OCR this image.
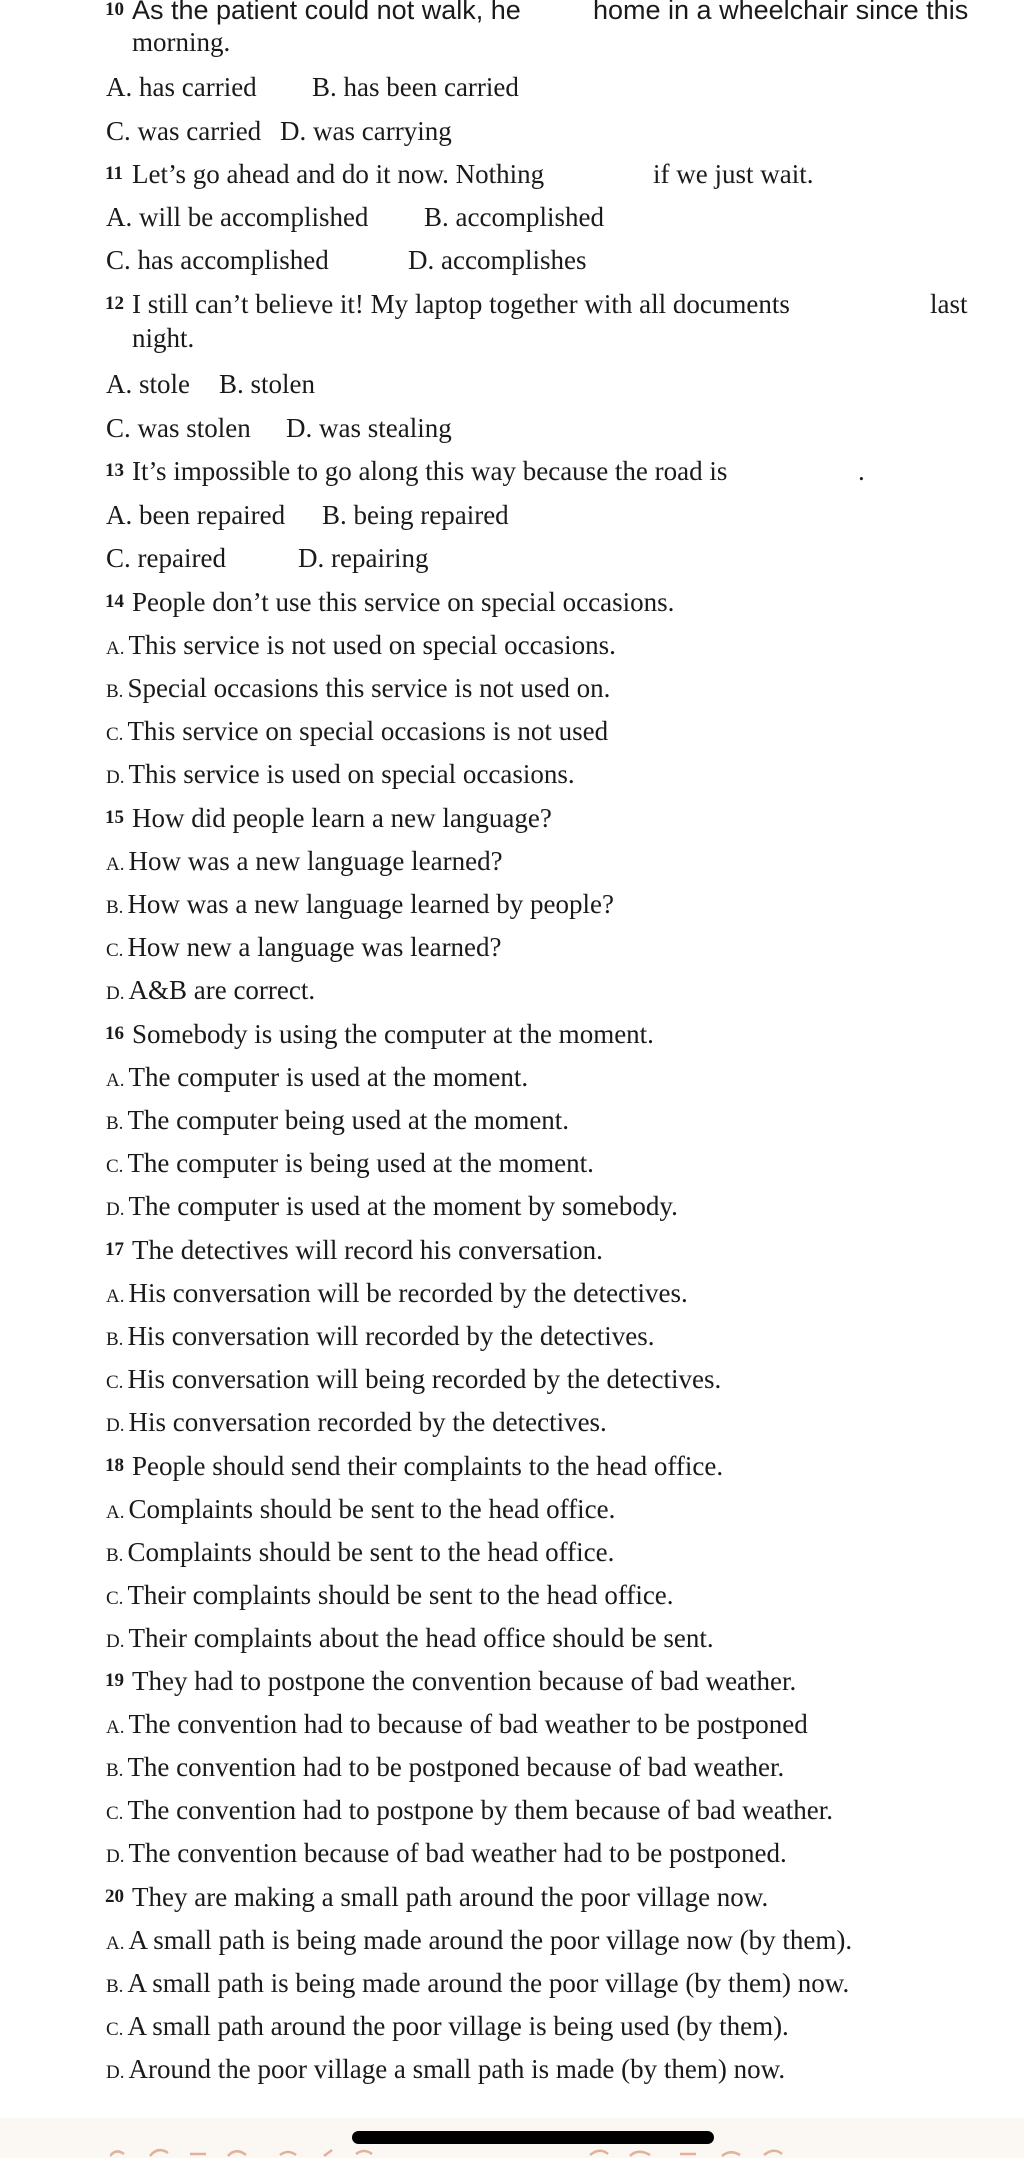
10 As the patient could not walk, he	home in a wheelchair since this
morning.
A. has carried B. has been carried
C. was carried D. was carrying
11 Let’s go ahead and do it now. Nothing	if we just wait.
A. will be accomplished B. accomplished
C. has accomplished	D. accomplishes
12 I still can’t believe it! My laptop together with all documents	last
night.
A. stole B. stolen
C. was stolen D. was stealing
13 It’s impossible to go along this way because the road is	.
A. been repaired B. being repaired
C. repaired	D. repairing
14 People don’t use this service on special occasions.
A. This service is not used on special occasions.
B. Special occasions this service is not used on.
C. This service on special occasions is not used
D. This service is used on special occasions.
15 How did people learn a new language?
A. How was a new language learned?
B. How was a new language learned by people?
C. How new a language was learned?
D. A&B are correct.
16 Somebody is using the computer at the moment.
A. The computer is used at the moment.
B. The computer being used at the moment.
C. The computer is being used at the moment.
D. The computer is used at the moment by somebody.
17 The detectives will record his conversation.
A. His conversation will be recorded by the detectives.
B. His conversation will recorded by the detectives.
C. His conversation will being recorded by the detectives.
D. His conversation recorded by the detectives.
18 People should send their complaints to the head office.
A. Complaints should be sent to the head office.
B. Complaints should be sent to the head office.
C. Their complaints should be sent to the head office.
D. Their complaints about the head office should be sent.
19 They had to postpone the convention because of bad weather.
A. The convention had to because of bad weather to be postponed
B. The convention had to be postponed because of bad weather.
C. The convention had to postpone by them because of bad weather.
D. The convention because of bad weather had to be postponed.
20 They are making a small path around the poor village now.
A. A small path is being made around the poor village now (by them).
B. A small path is being made around the poor village (by them) now.
C. A small path around the poor village is being used (by them).
D. Around the poor village a small path is made (by them) now.
